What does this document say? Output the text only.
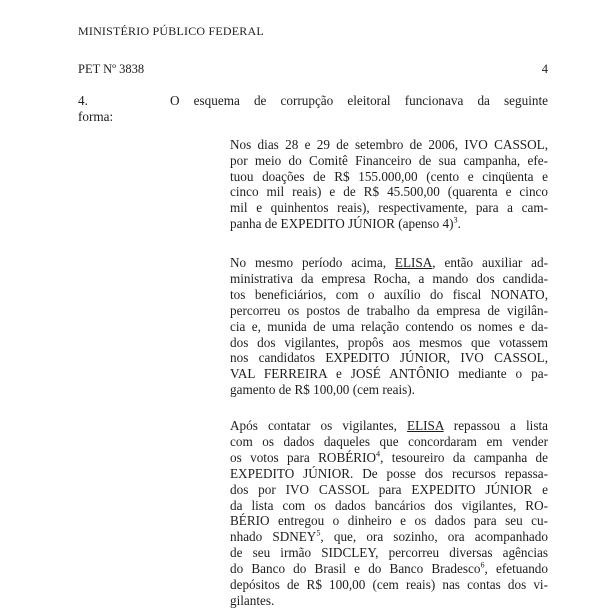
MINISTÉRIO PÚBLICO FEDERAL
PET Nº 3838	4
4.	O esquema de corrupção eleitoral funcionava da seguinte
forma:
Nos dias 28 e 29 de setembro de 2006, IVO CASSOL,
por meio do Comitê Financeiro de sua campanha, efe-
tuou doações de R$ 155.000,00 (cento e cinqüenta e
cinco mil reais) e de R$ 45.500,00 (quarenta e cinco
mil e quinhentos reais), respectivamente, para a cam-
panha de EXPEDITO JÚNIOR (apenso 4)$^3$.
No mesmo período acima, ELISA, então auxiliar ad-
ministrativa da empresa Rocha, a mando dos candida-
tos beneficiários, com o auxílio do fiscal NONATO,
percorreu os postos de trabalho da empresa de vigilân-
cia e, munida de uma relação contendo os nomes e da-
dos dos vigilantes, propôs aos mesmos que votassem
nos candidatos EXPEDITO JÚNIOR, IVO CASSOL,
VAL FERREIRA e JOSÉ ANTÔNIO mediante o pa-
gamento de R$ 100,00 (cem reais).
Após contatar os vigilantes, ELISA repassou a lista
com os dados daqueles que concordaram em vender
os votos para ROBÉRIO$^4$, tesoureiro da campanha de
EXPEDITO JÚNIOR. De posse dos recursos repassa-
dos por IVO CASSOL para EXPEDITO JÚNIOR e
da lista com os dados bancários dos vigilantes, RO-
BÉRIO entregou o dinheiro e os dados para seu cu-
nhado SDNEY$^5$, que, ora sozinho, ora acompanhado
de seu irmão SIDCLEY, percorreu diversas agências
do Banco do Brasil e do Banco Bradesco$^6$, efetuando
depósitos de R$ 100,00 (cem reais) nas contas dos vi-
gilantes.
